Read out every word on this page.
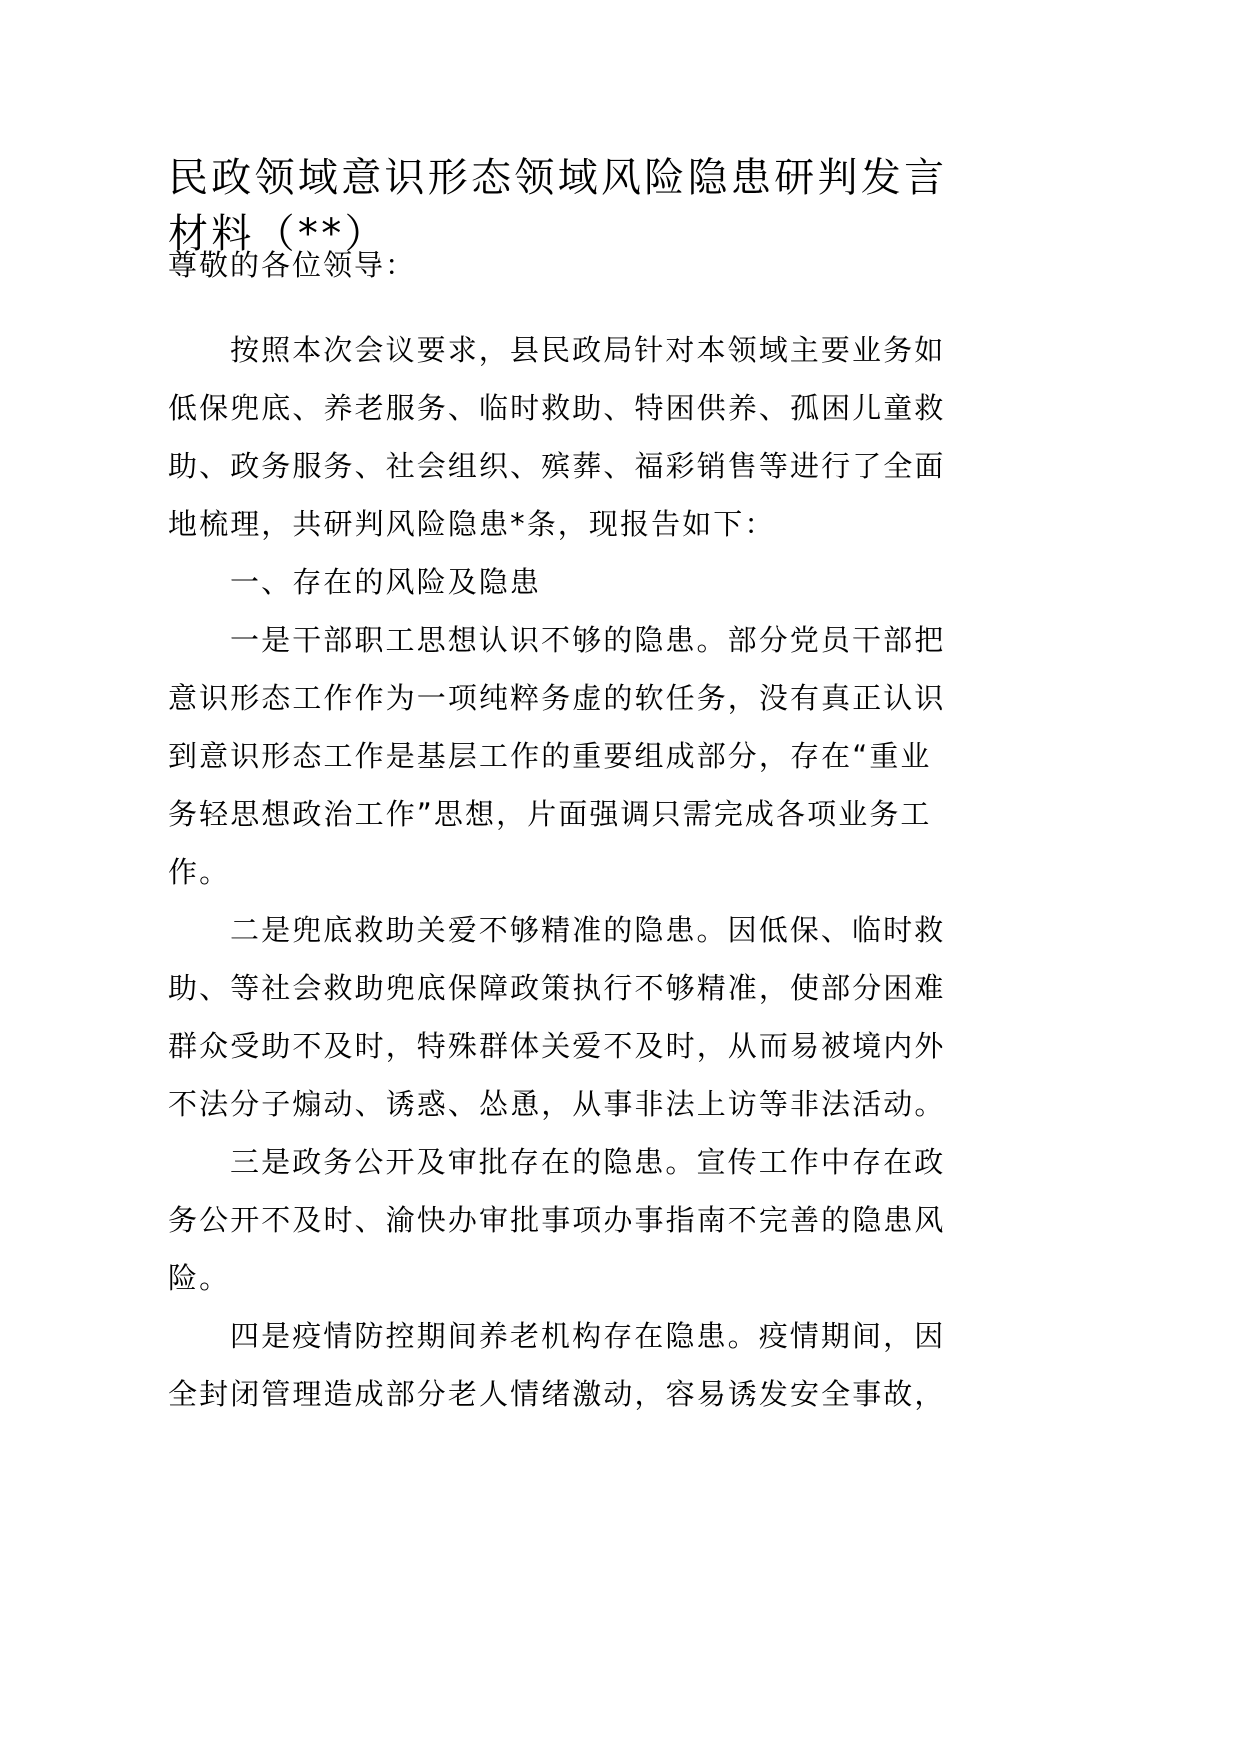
民政领域意识形态领域风险隐患研判发言
材料（**）
尊敬的各位领导：
按照本次会议要求，县民政局针对本领域主要业务如
低保兜底、养老服务、临时救助、特困供养、孤困儿童救
助、政务服务、社会组织、殡葬、福彩销售等进行了全面
地梳理，共研判风险隐患*条，现报告如下：
一、存在的风险及隐患
一是干部职工思想认识不够的隐患。部分党员干部把
意识形态工作作为一项纯粹务虚的软任务，没有真正认识
到意识形态工作是基层工作的重要组成部分，存在“重业
务轻思想政治工作”思想，片面强调只需完成各项业务工
作。
二是兜底救助关爱不够精准的隐患。因低保、临时救
助、等社会救助兜底保障政策执行不够精准，使部分困难
群众受助不及时，特殊群体关爱不及时，从而易被境内外
不法分子煽动、诱惑、怂恿，从事非法上访等非法活动。
三是政务公开及审批存在的隐患。宣传工作中存在政
务公开不及时、渝快办审批事项办事指南不完善的隐患风
险。
四是疫情防控期间养老机构存在隐患。疫情期间，因
全封闭管理造成部分老人情绪激动，容易诱发安全事故，
